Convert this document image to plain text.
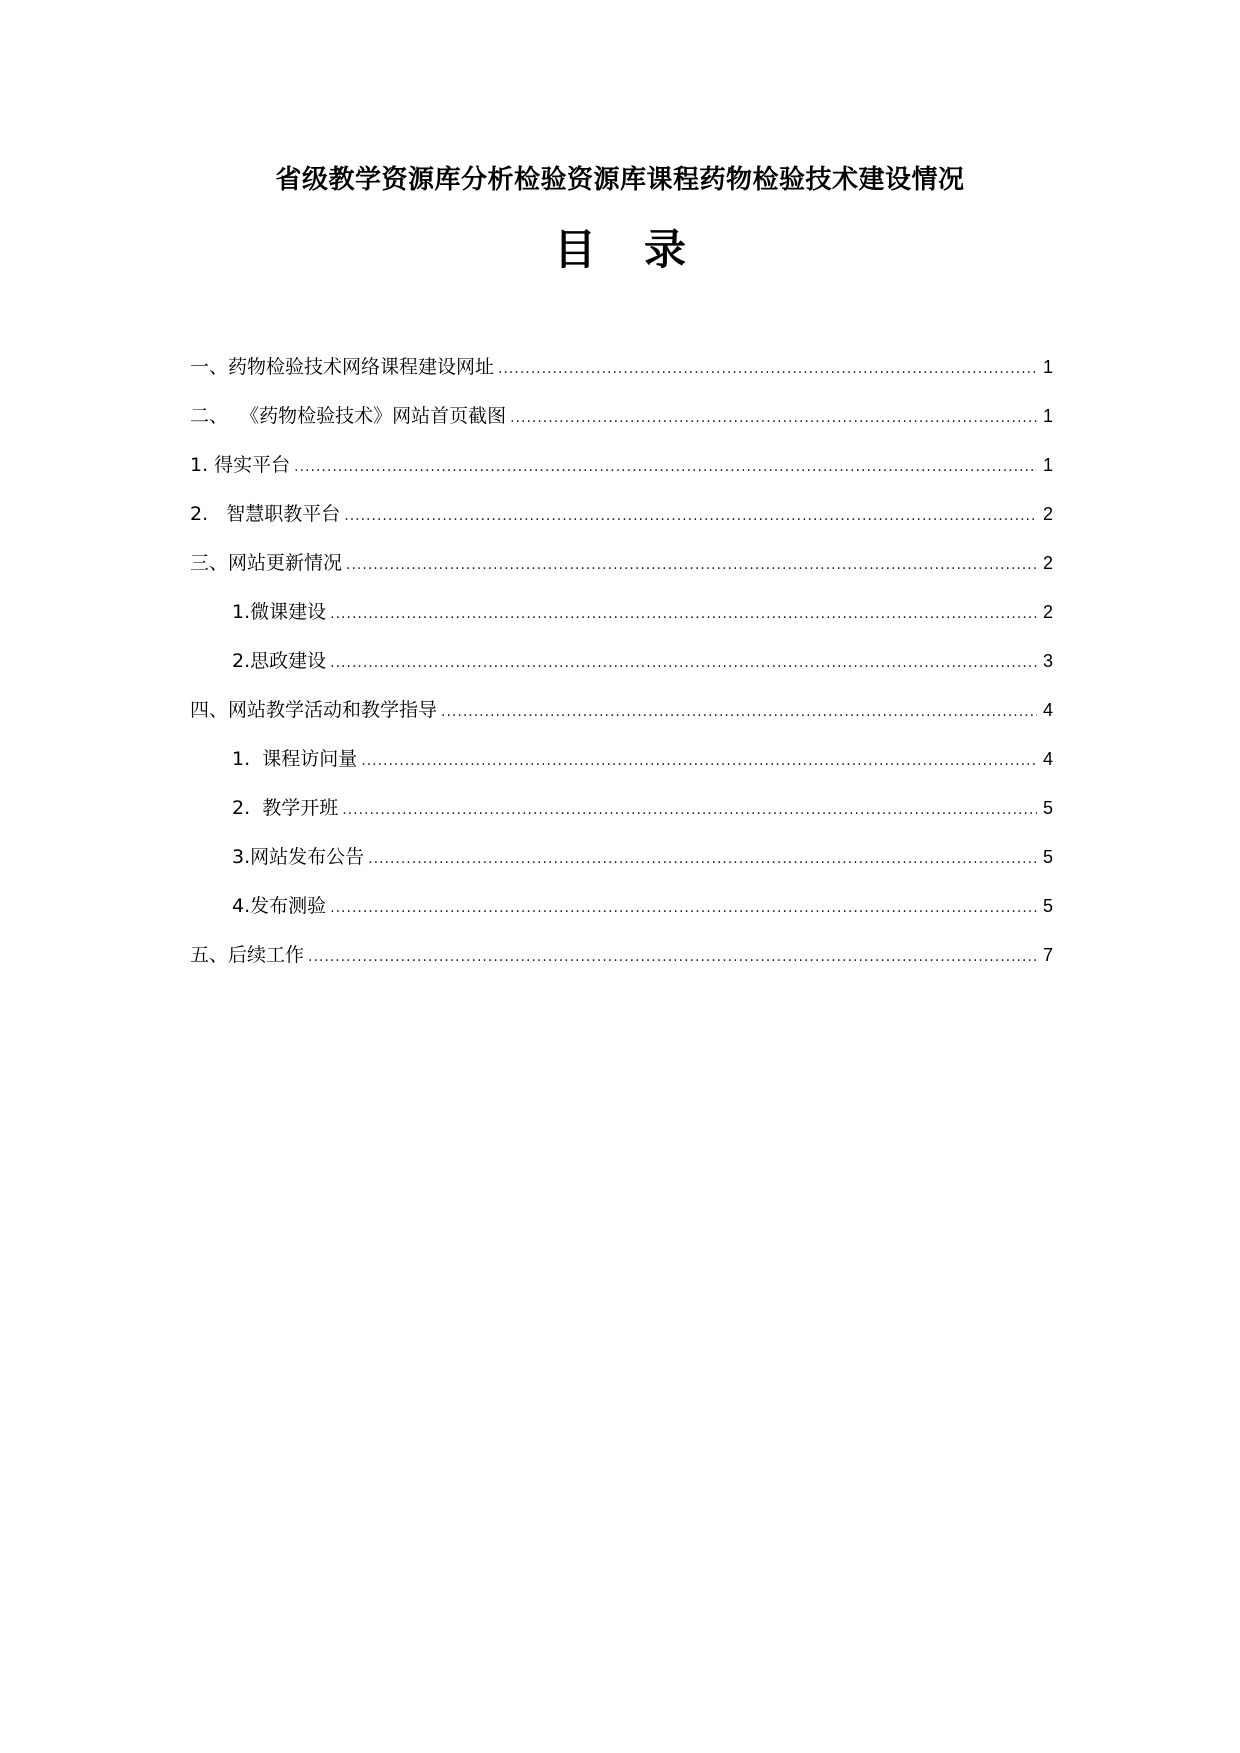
省级教学资源库分析检验资源库课程药物检验技术建设情况
目 录
一、药物检验技术网络课程建设网址 .....	1
二、  《药物检验技术》网站首页截图 .....	1
1. 得实平台 .....	1
2.   智慧职教平台 .....	2
三、网站更新情况 .....	2
1.微课建设 .....	2
2.思政建设 .....	3
四、网站教学活动和教学指导 .....	4
1.  课程访问量 .....	4
2.  教学开班 .....	5
3.网站发布公告 .....	5
4.发布测验 .....	5
五、后续工作 .....	7
